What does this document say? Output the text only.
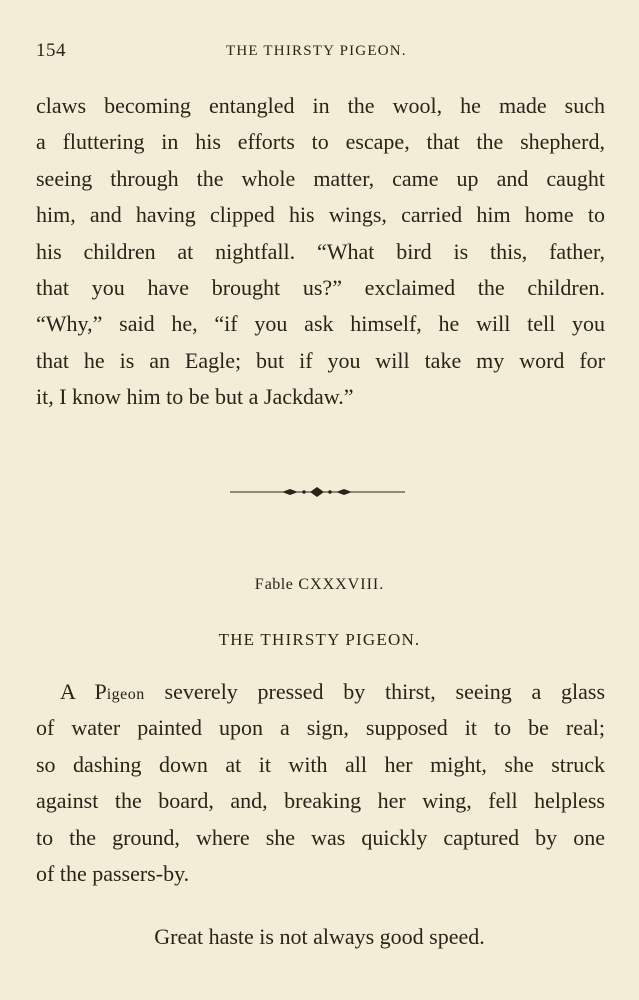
154	THE THIRSTY PIGEON.
claws becoming entangled in the wool, he made such
a fluttering in his efforts to escape, that the shepherd,
seeing through the whole matter, came up and caught
him, and having clipped his wings, carried him home to
his children at nightfall. “What bird is this, father,
that you have brought us?” exclaimed the children.
“Why,” said he, “if you ask himself, he will tell you
that he is an Eagle; but if you will take my word for
it, I know him to be but a Jackdaw.”
Fable CXXXVIII.
THE THIRSTY PIGEON.
A Pigeon severely pressed by thirst, seeing a glass
of water painted upon a sign, supposed it to be real;
so dashing down at it with all her might, she struck
against the board, and, breaking her wing, fell helpless
to the ground, where she was quickly captured by one
of the passers-by.
Great haste is not always good speed.
